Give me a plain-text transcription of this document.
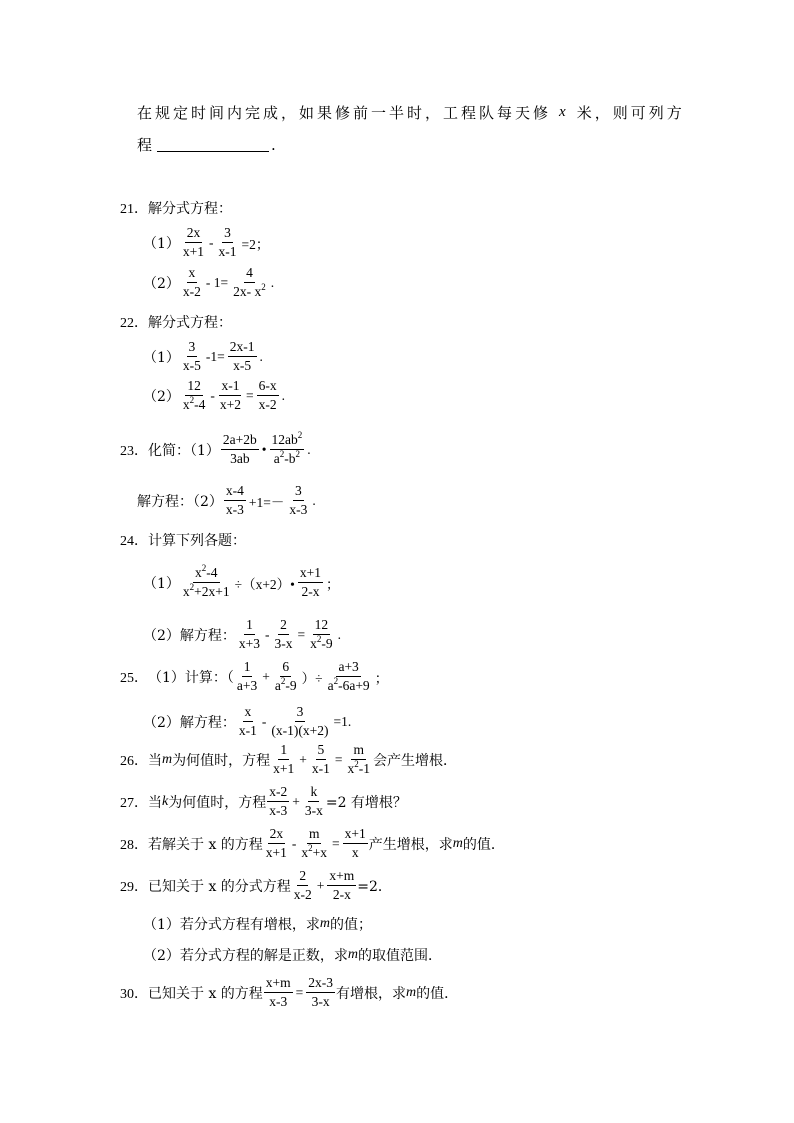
在规定时间内完成，如果修前一半时，工程队每天修 x 米，则可列方
程	.
21． 解分式方程：
$(1) \frac{2x}{x+1} - \frac{3}{x-1} =2$；
$(2) \frac{x}{x-2} - 1= \frac{4}{2x- x^2}$ .
22． 解分式方程：
$(1) \frac{3}{x-5} -1= \frac{2x-1}{x-5}$ .
$(2) \frac{12}{x^2-4} - \frac{x-1}{x+2} = \frac{6-x}{x-2}$ .
23． 化简：$(1) \frac{2a+2b}{3ab}$ • $\frac{12ab^2}{a^2-b^2}$ .
解方程：$(2) \frac{x-4}{x-3} +1=- \frac{3}{x-3}$ .
24． 计算下列各题：
$(1) \frac{x^2-4}{x^2+2x+1}$ ÷（x+2）• $\frac{x+1}{2-x}$ ；
（2）解方程： $\frac{1}{x+3} - \frac{2}{3-x} = \frac{12}{x^2-9}$ .
25． （1）计算：（ $\frac{1}{a+3} + \frac{6}{a^2-9}$ ）÷ $\frac{a+3}{a^2-6a+9}$ ；
（2）解方程： $\frac{x}{x-1} - \frac{3}{(x-1)(x+2)} =1$.
26． 当 m 为何值时，方程 $\frac{1}{x+1} + \frac{5}{x-1} = \frac{m}{x^2-1}$ 会产生增根．
27． 当 k 为何值时，方程 $\frac{x-2}{x-3} + \frac{k}{3-x} =2$ 有增根？
28． 若解关于 x 的方程 $\frac{2x}{x+1} - \frac{m}{x^2+x} = \frac{x+1}{x}$ 产生增根，求 m 的值．
29． 已知关于 x 的分式方程 $\frac{2}{x-2} + \frac{x+m}{2-x} =2$．
（1）若分式方程有增根，求 m 的值；
（2）若分式方程的解是正数，求 m 的取值范围．
30． 已知关于 x 的方程 $\frac{x+m}{x-3} = \frac{2x-3}{3-x}$ 有增根，求 m 的值．
